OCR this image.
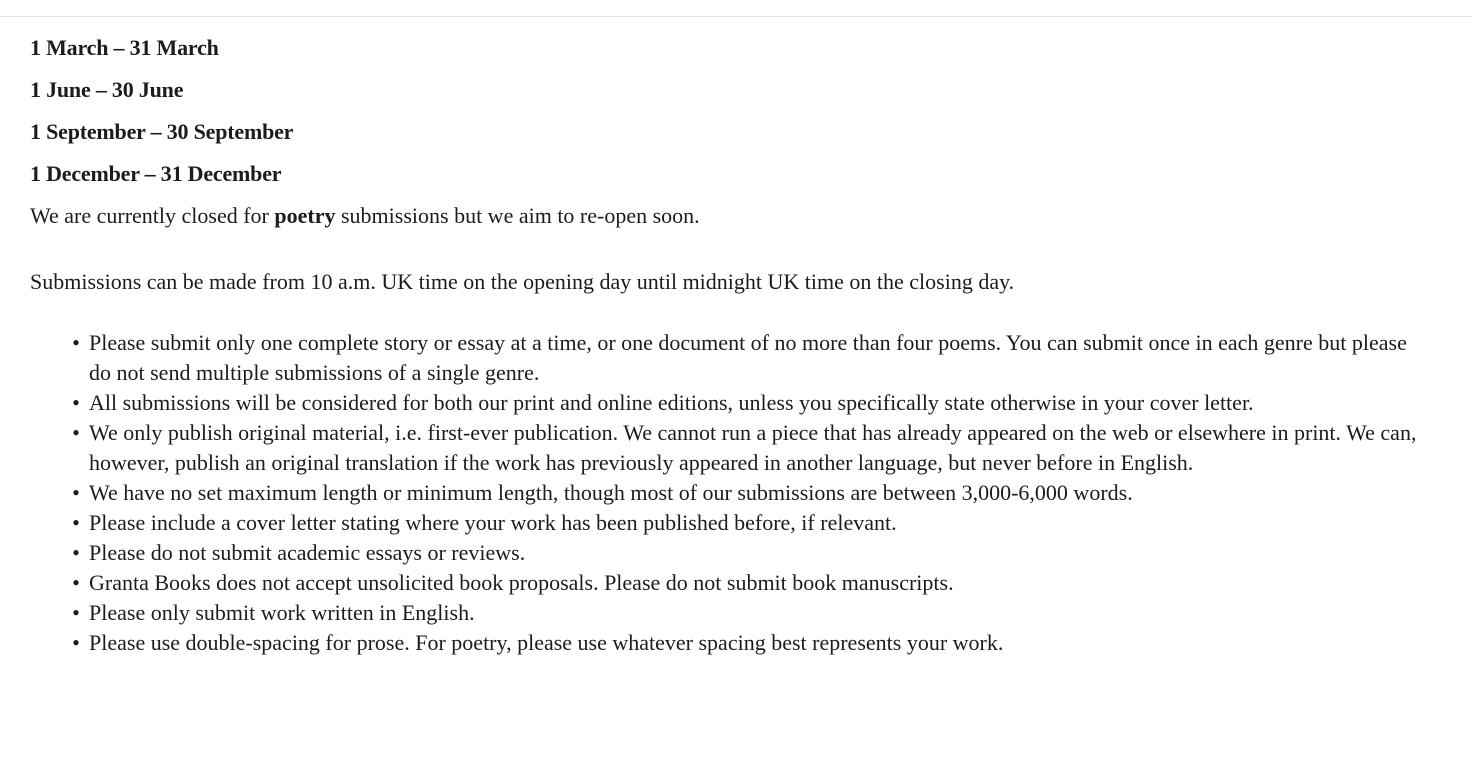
1 March – 31 March
1 June – 30 June
1 September – 30 September
1 December – 31 December

We are currently closed for poetry submissions but we aim to re-open soon.

Submissions can be made from 10 a.m. UK time on the opening day until midnight UK time on the closing day.

• Please submit only one complete story or essay at a time, or one document of no more than four poems. You can submit once in each genre but please do not send multiple submissions of a single genre.
• All submissions will be considered for both our print and online editions, unless you specifically state otherwise in your cover letter.
• We only publish original material, i.e. first-ever publication. We cannot run a piece that has already appeared on the web or elsewhere in print. We can, however, publish an original translation if the work has previously appeared in another language, but never before in English.
• We have no set maximum length or minimum length, though most of our submissions are between 3,000-6,000 words.
• Please include a cover letter stating where your work has been published before, if relevant.
• Please do not submit academic essays or reviews.
• Granta Books does not accept unsolicited book proposals. Please do not submit book manuscripts.
• Please only submit work written in English.
• Please use double-spacing for prose. For poetry, please use whatever spacing best represents your work.
